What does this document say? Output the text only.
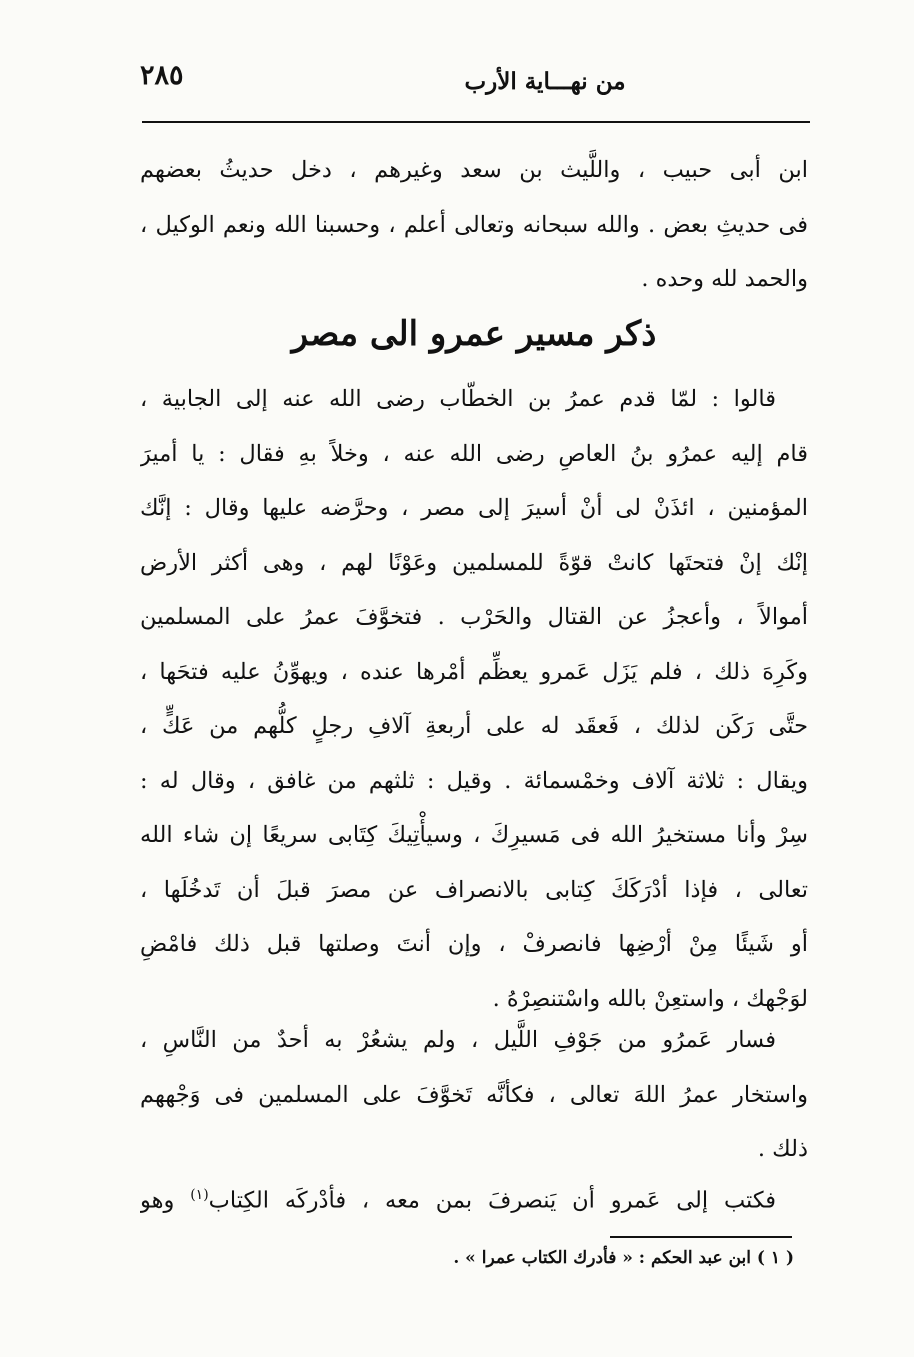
٢٨٥	من نهـــاية الأرب
ابن أبى حبيب ، واللَّيث بن سعد وغيرهم ، دخل حديثُ بعضهم
فى حديثِ بعض . والله سبحانه وتعالى أعلم ، وحسبنا الله ونعم الوكيل ،
والحمد لله وحده .
ذكر مسير عمرو الى مصر
قالوا : لمّا قدم عمرُ بن الخطّاب رضى الله عنه إلى الجابية ،
قام إليه عمرُو بنُ العاصِ رضى الله عنه ، وخلاً بهِ فقال : يا أميرَ
المؤمنين ، ائذَنْ لى أنْ أسيرَ إلى مصر ، وحرَّضه عليها وقال : إنَّك
إنْك إنْ فتحتَها كانتْ قوّةً للمسلمين وعَوْنًا لهم ، وهى أكثر الأرض
أموالاً ، وأعجزُ عن القتال والحَرْب . فتخوَّفَ عمرُ على المسلمين
وكَرِهَ ذلك ، فلم يَزَل عَمرو يعظِّم أمْرها عنده ، ويهوِّنُ عليه فتحَها ،
حتَّى رَكَن لذلك ، فَعقَد له على أربعةِ آلافِ رجلٍ كلُّهم من عَكٍّ ،
ويقال : ثلاثة آلاف وخمْسمائة . وقيل : ثلثهم من غافق ، وقال له :
سِرْ وأنا مستخيرُ الله فى مَسيرِكَ ، وسيأْتِيكَ كِتَابى سريعًا إن شاء الله
تعالى ، فإذا أدْرَكَكَ كِتابى بالانصراف عن مصرَ قبلَ أن تَدخُلَها ،
أو شَيئًا مِنْ أرْضِها فانصرفْ ، وإن أنتَ وصلتها قبل ذلك فامْضِ
لوَجْهك ، واستعِنْ بالله واسْتنصِرْهُ .
فسار عَمرُو من جَوْفِ اللَّيل ، ولم يشعُرْ به أحدٌ من النَّاسِ ،
واستخار عمرُ اللهَ تعالى ، فكأنَّه تَخوَّفَ على المسلمين فى وَجْههم
ذلك .
فكتب إلى عَمرو أن يَنصرفَ بمن معه ، فأدْركَه الكِتاب$^{(١)}$ وهو
( ١ ) ابن عبد الحكم : « فأدرك الكتاب عمرا » .
